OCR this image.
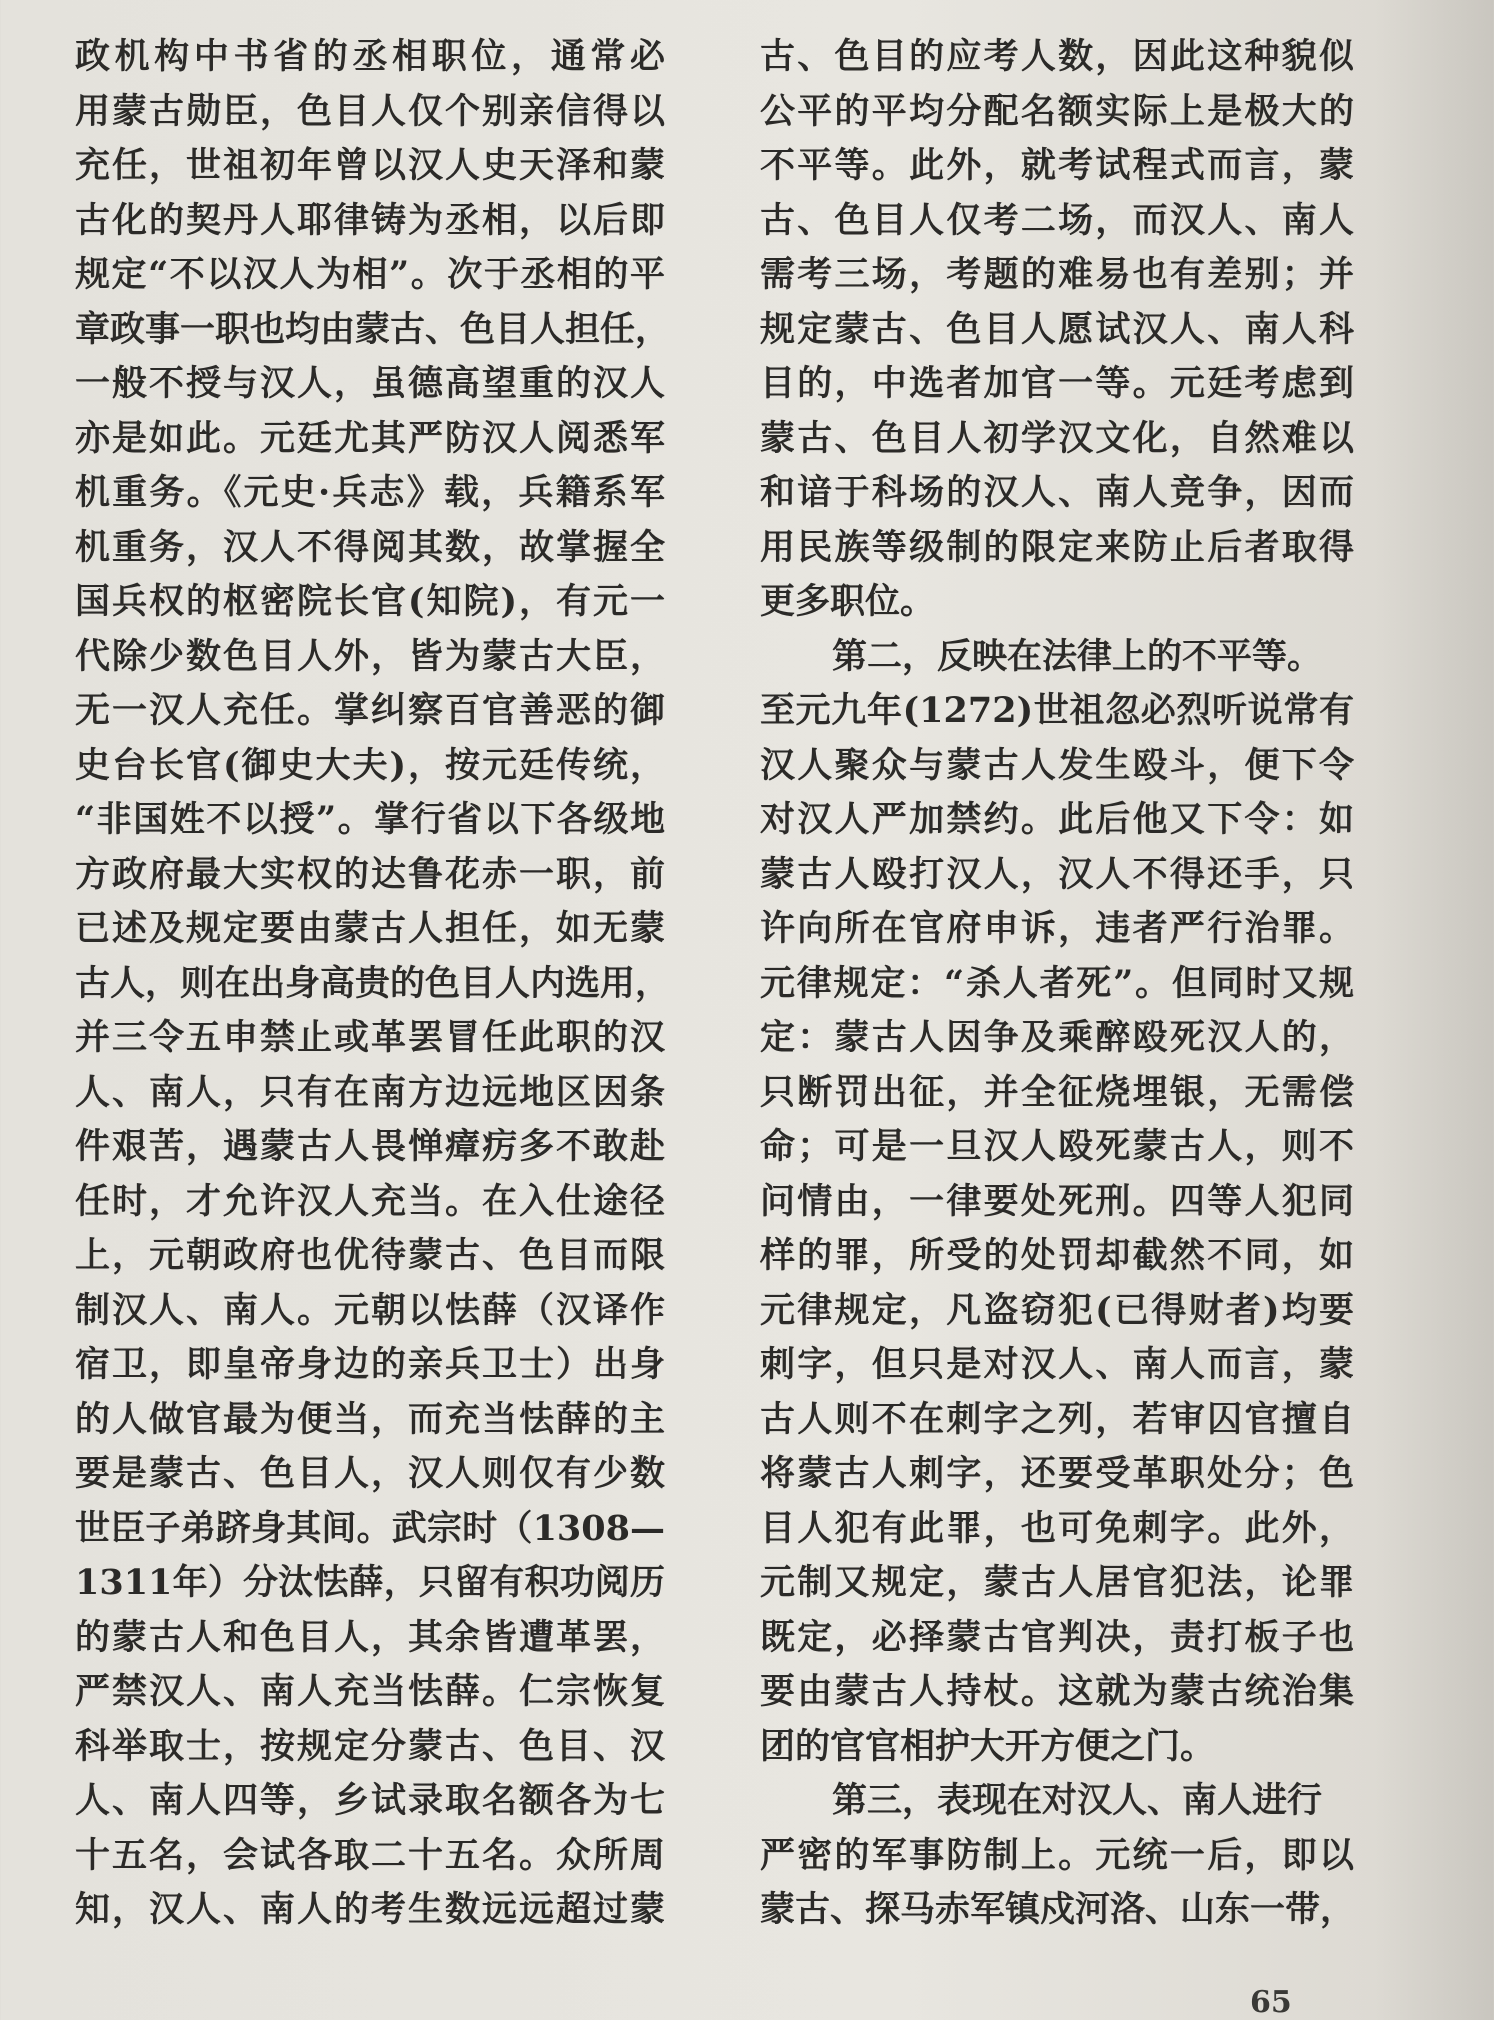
政机构中书省的丞相职位，通常必
用蒙古勋臣，色目人仅个别亲信得以
充任，世祖初年曾以汉人史天泽和蒙
古化的契丹人耶律铸为丞相，以后即
规定“不以汉人为相”。次于丞相的平
章政事一职也均由蒙古、色目人担任，
一般不授与汉人，虽德高望重的汉人
亦是如此。元廷尤其严防汉人阅悉军
机重务。《元史·兵志》载，兵籍系军
机重务，汉人不得阅其数，故掌握全
国兵权的枢密院长官(知院)，有元一
代除少数色目人外，皆为蒙古大臣，
无一汉人充任。掌纠察百官善恶的御
史台长官(御史大夫)，按元廷传统，
“非国姓不以授”。掌行省以下各级地
方政府最大实权的达鲁花赤一职，前
已述及规定要由蒙古人担任，如无蒙
古人，则在出身高贵的色目人内选用，
并三令五申禁止或革罢冒任此职的汉
人、南人，只有在南方边远地区因条
件艰苦，遇蒙古人畏惮瘴疠多不敢赴
任时，才允许汉人充当。在入仕途径
上，元朝政府也优待蒙古、色目而限
制汉人、南人。元朝以怯薛（汉译作
宿卫，即皇帝身边的亲兵卫士）出身
的人做官最为便当，而充当怯薛的主
要是蒙古、色目人，汉人则仅有少数
世臣子弟跻身其间。武宗时（1308—
1311年）分汰怯薛，只留有积功阅历
的蒙古人和色目人，其余皆遭革罢，
严禁汉人、南人充当怯薛。仁宗恢复
科举取士，按规定分蒙古、色目、汉
人、南人四等，乡试录取名额各为七
十五名，会试各取二十五名。众所周
知，汉人、南人的考生数远远超过蒙
古、色目的应考人数，因此这种貌似
公平的平均分配名额实际上是极大的
不平等。此外，就考试程式而言，蒙
古、色目人仅考二场，而汉人、南人
需考三场，考题的难易也有差别；并
规定蒙古、色目人愿试汉人、南人科
目的，中选者加官一等。元廷考虑到
蒙古、色目人初学汉文化，自然难以
和谙于科场的汉人、南人竞争，因而
用民族等级制的限定来防止后者取得
更多职位。
第二，反映在法律上的不平等。
至元九年(1272)世祖忽必烈听说常有
汉人聚众与蒙古人发生殴斗，便下令
对汉人严加禁约。此后他又下令：如
蒙古人殴打汉人，汉人不得还手，只
许向所在官府申诉，违者严行治罪。
元律规定：“杀人者死”。但同时又规
定：蒙古人因争及乘醉殴死汉人的，
只断罚出征，并全征烧埋银，无需偿
命；可是一旦汉人殴死蒙古人，则不
问情由，一律要处死刑。四等人犯同
样的罪，所受的处罚却截然不同，如
元律规定，凡盗窃犯(已得财者)均要
刺字，但只是对汉人、南人而言，蒙
古人则不在刺字之列，若审囚官擅自
将蒙古人刺字，还要受革职处分；色
目人犯有此罪，也可免刺字。此外，
元制又规定，蒙古人居官犯法，论罪
既定，必择蒙古官判决，责打板子也
要由蒙古人持杖。这就为蒙古统治集
团的官官相护大开方便之门。
第三，表现在对汉人、南人进行
严密的军事防制上。元统一后，即以
蒙古、探马赤军镇戍河洛、山东一带，
65
